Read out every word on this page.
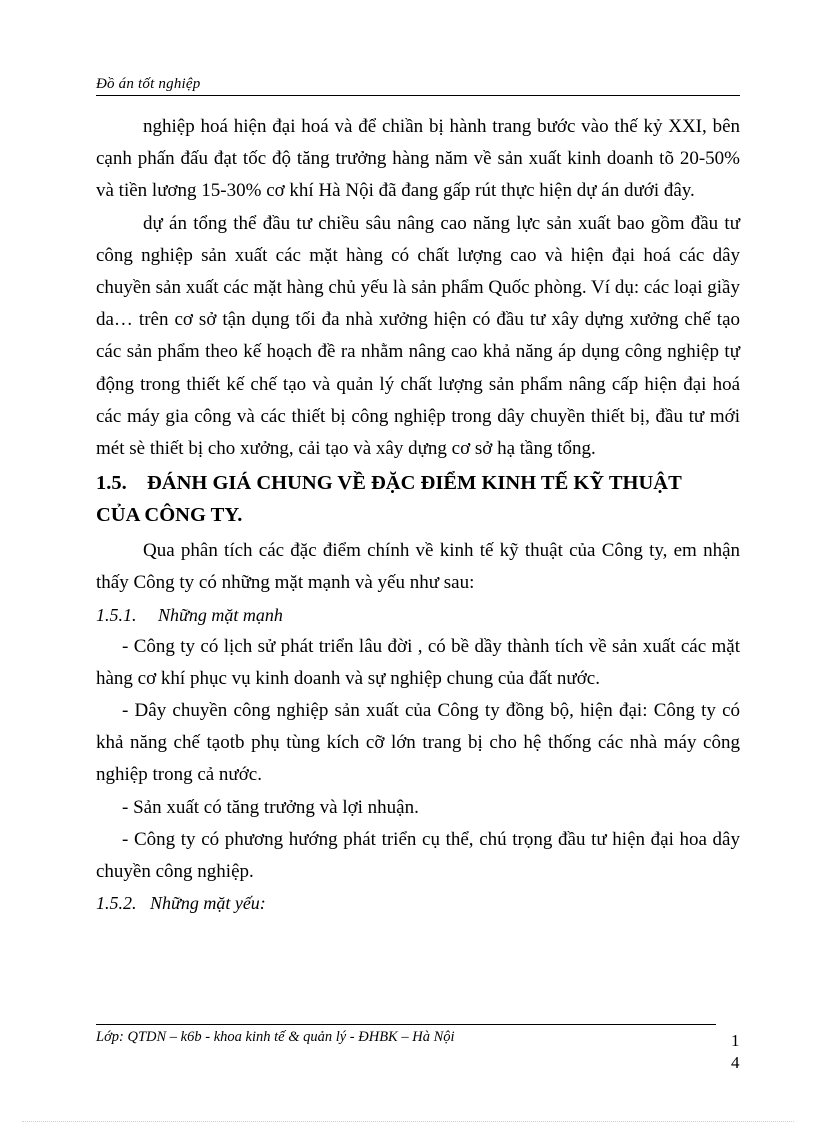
Đồ án tốt nghiệp

nghiệp hoá hiện đại hoá và để chiần bị hành trang bước vào thế kỷ XXI, bên cạnh phấn đấu đạt tốc độ tăng trưởng hàng năm về sản xuất kinh doanh tõ 20-50% và tiền lương 15-30% cơ khí Hà Nội đã đang gấp rút thực hiện dự án dưới đây.

dự án tổng thể đầu tư chiều sâu nâng cao năng lực sản xuất bao gồm đầu tư công nghiệp sản xuất các mặt hàng có chất lượng cao và hiện đại hoá các dây chuyền sản xuất các mặt hàng chủ yếu là sản phẩm Quốc phòng. Ví dụ: các loại giầy da… trên cơ sở tận dụng tối đa nhà xưởng hiện có đầu tư xây dựng xưởng chế tạo các sản phẩm theo kế hoạch đề ra nhằm nâng cao khả năng áp dụng công nghiệp tự động trong thiết kế chế tạo và quản lý chất lượng sản phẩm nâng cấp hiện đại hoá các máy gia công và các thiết bị công nghiệp trong dây chuyền thiết bị, đầu tư mới mét sè thiết bị cho xưởng, cải tạo và xây dựng cơ sở hạ tầng tổng.

1.5. ĐÁNH GIÁ CHUNG VỀ ĐẶC ĐIỂM KINH TẾ KỸ THUẬT
CỦA CÔNG TY.

Qua phân tích các đặc điểm chính về kinh tế kỹ thuật của Công ty, em nhận thấy Công ty có những mặt mạnh và yếu như sau:

1.5.1. Những mặt mạnh

- Công ty có lịch sử phát triển lâu đời , có bề dầy thành tích về sản xuất các mặt hàng cơ khí phục vụ kinh doanh và sự nghiệp chung của đất nước.

- Dây chuyền công nghiệp sản xuất của Công ty đồng bộ, hiện đại: Công ty có khả năng chế tạotb phụ tùng kích cỡ lớn trang bị cho hệ thống các nhà máy công nghiệp trong cả nước.

- Sản xuất có tăng trưởng và lợi nhuận.

- Công ty có phương hướng phát triển cụ thể, chú trọng đầu tư hiện đại hoa dây chuyền công nghiệp.

1.5.2. Những mặt yếu:
Lớp: QTDN – k6b - khoa kinh tế & quản lý - ĐHBK – Hà Nội	1
4
